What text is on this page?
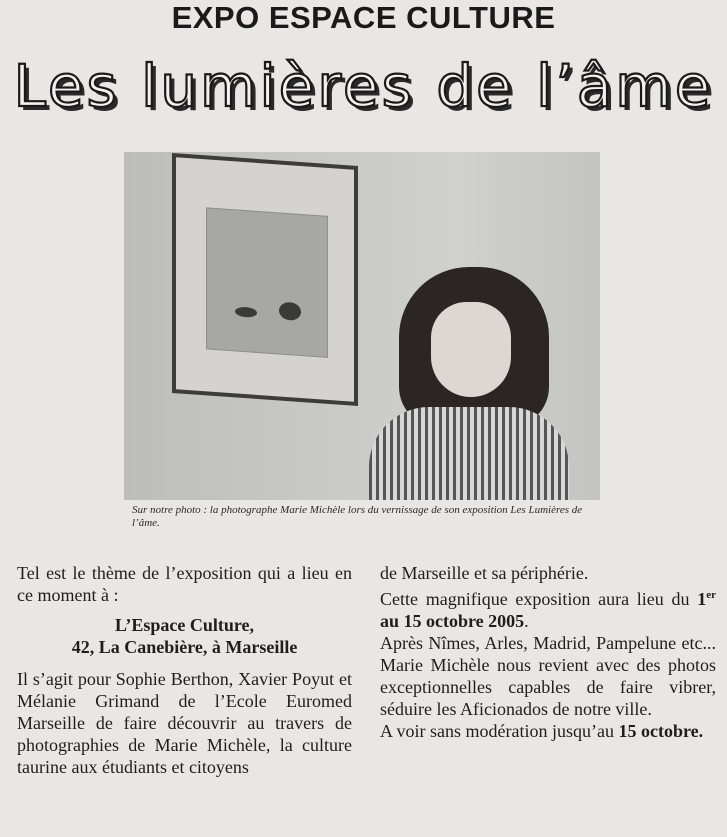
EXPO ESPACE CULTURE
Les lumières de l’âme
Sur notre photo : la photographe Marie Michèle lors du vernissage de son exposition Les Lumières de l’âme.

Tel est le thème de l’exposition qui a lieu en ce moment à :

L’Espace Culture,
42, La Canebière, à Marseille

Il s’agit pour Sophie Berthon, Xavier Poyut et Mélanie Grimand de l’Ecole Euromed Marseille de faire découvrir au travers de photographies de Marie Michèle, la culture taurine aux étudiants et citoyens

de Marseille et sa périphérie.

Cette magnifique exposition aura lieu du 1er au 15 octobre 2005.

Après Nîmes, Arles, Madrid, Pampelune etc... Marie Michèle nous revient avec des photos exceptionnelles capables de faire vibrer, séduire les Aficionados de notre ville.

A voir sans modération jusqu’au 15 octobre.
